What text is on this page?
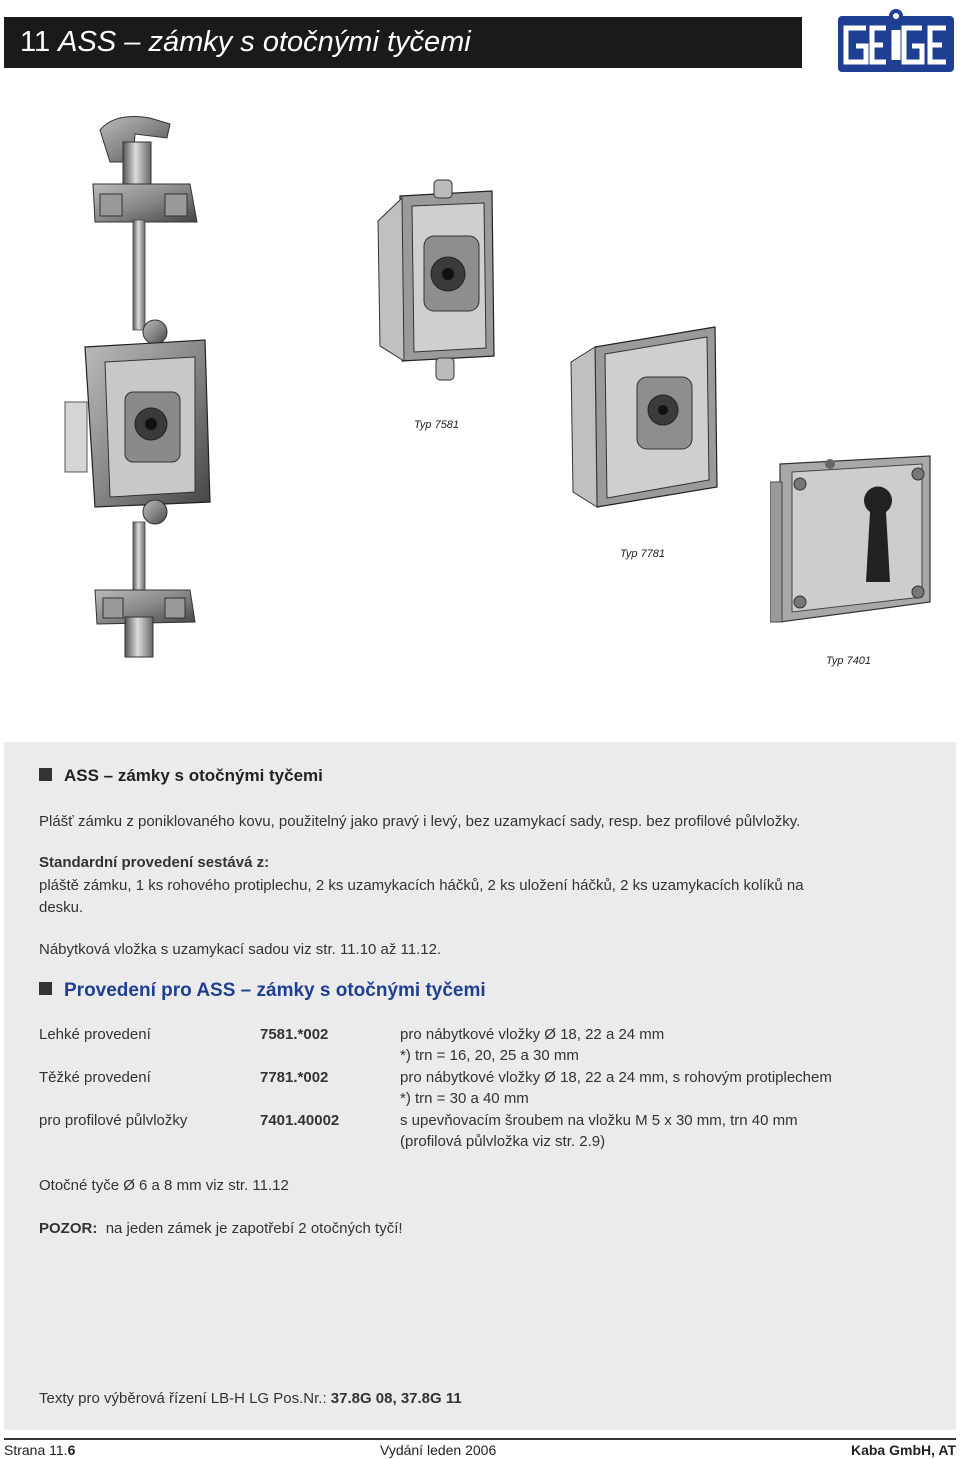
11 ASS – zámky s otočnými tyčemi
Typ 7581
Typ 7781
Typ 7401
ASS – zámky s otočnými tyčemi
Plášť zámku z poniklovaného kovu, použitelný jako pravý i levý, bez uzamykací sady, resp. bez profilové půlvložky.
Standardní provedení sestává z:
pláště zámku, 1 ks rohového protiplechu, 2 ks uzamykacích háčků, 2 ks uložení háčků, 2 ks uzamykacích kolíků na
desku.
Nábytková vložka s uzamykací sadou viz str. 11.10 až 11.12.
Provedení pro ASS – zámky s otočnými tyčemi
Lehké provedení	7581.*002	pro nábytkové vložky Ø 18, 22 a 24 mm
*) trn = 16, 20, 25 a 30 mm
Těžké provedení	7781.*002	pro nábytkové vložky Ø 18, 22 a 24 mm, s rohovým protiplechem
*) trn = 30 a 40 mm
pro profilové půlvložky	7401.40002	s upevňovacím šroubem na vložku M 5 x 30 mm, trn 40 mm
(profilová půlvložka viz str. 2.9)
Otočné tyče Ø 6 a 8 mm viz str. 11.12
POZOR: na jeden zámek je zapotřebí 2 otočných tyčí!
Texty pro výběrová řízení LB-H LG Pos.Nr.: 37.8G 08, 37.8G 11
Strana 11.6	Vydání leden 2006	Kaba GmbH, AT
